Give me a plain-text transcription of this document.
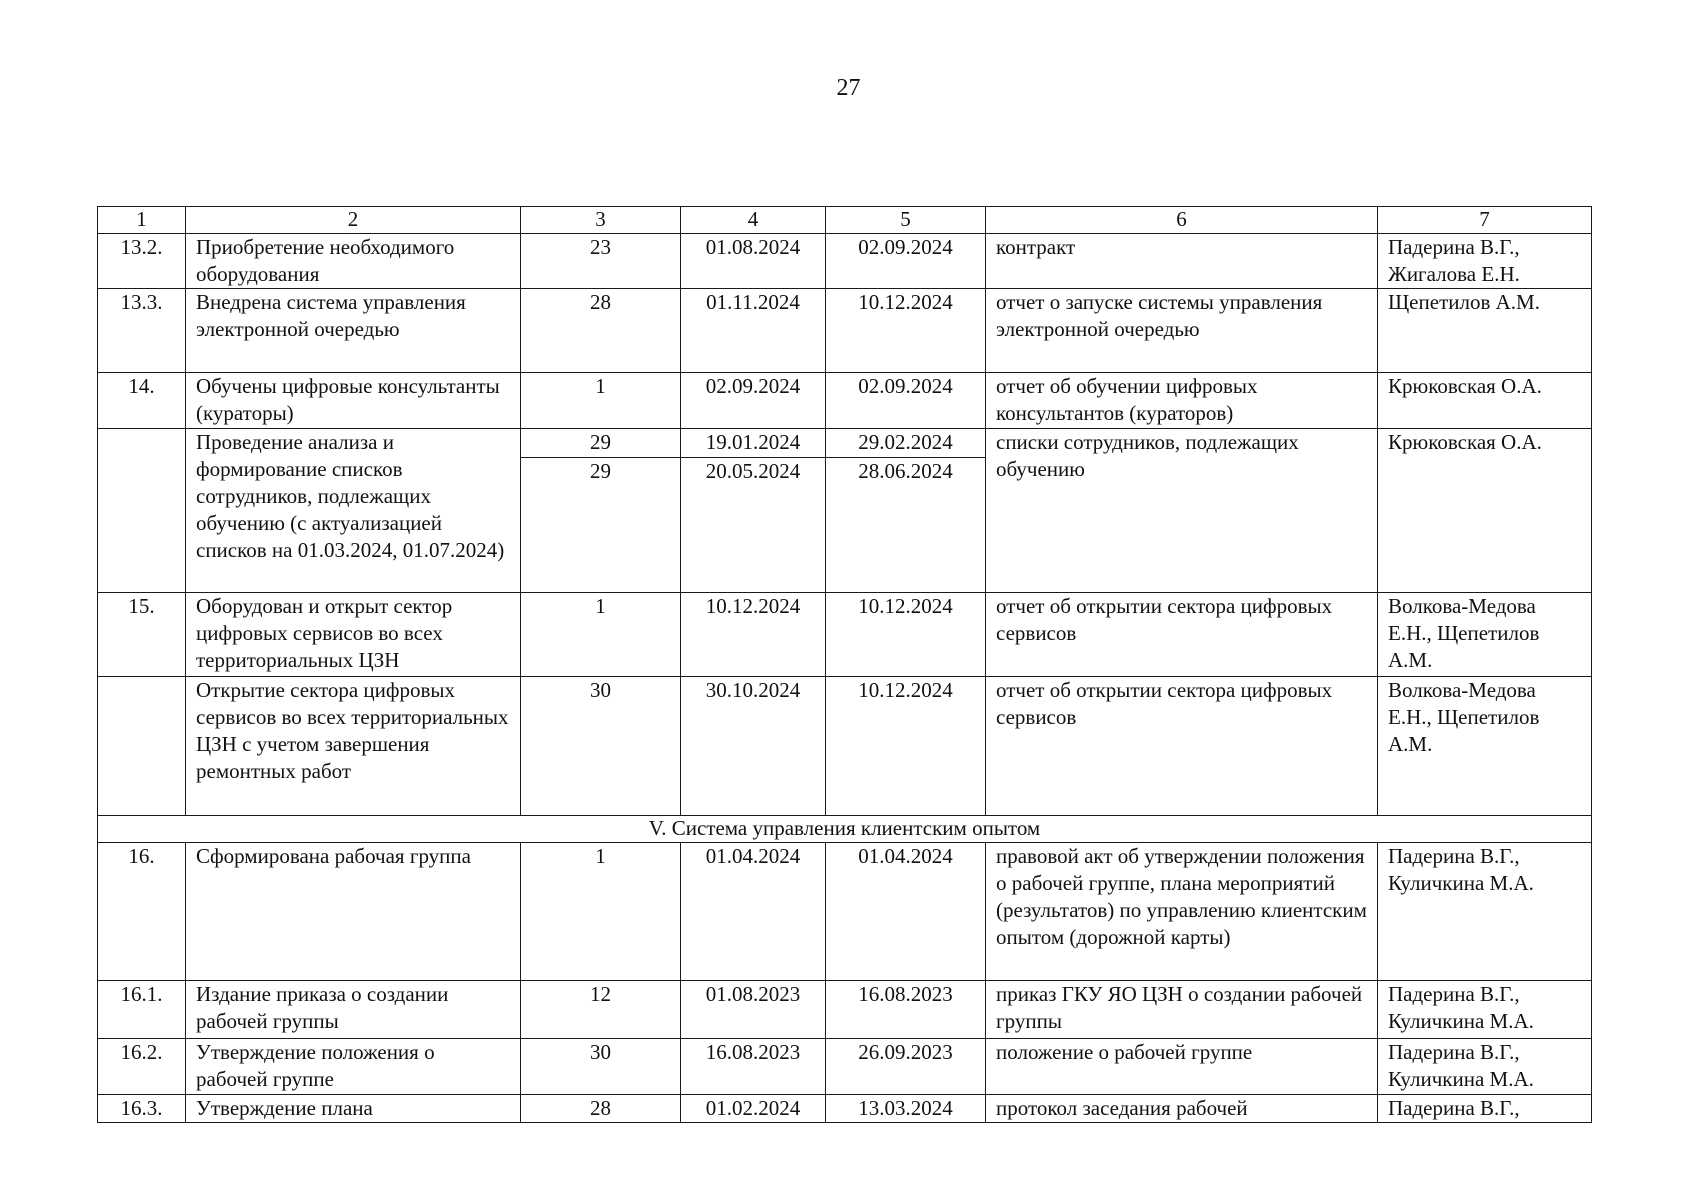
27
1	2	3	4	5	6	7
13.2.	Приобретение необходимого оборудования	23	01.08.2024	02.09.2024	контракт	Падерина В.Г., Жигалова Е.Н.
13.3.	Внедрена система управления электронной очередью	28	01.11.2024	10.12.2024	отчет о запуске системы управления электронной очередью	Щепетилов А.М.
14.	Обучены цифровые консультанты (кураторы)	1	02.09.2024	02.09.2024	отчет об обучении цифровых консультантов (кураторов)	Крюковская О.А.
	Проведение анализа и формирование списков сотрудников, подлежащих обучению (с актуализацией списков на 01.03.2024, 01.07.2024)	29	19.01.2024	29.02.2024	списки сотрудников, подлежащих обучению	Крюковская О.А.
		29	20.05.2024	28.06.2024		
15.	Оборудован и открыт сектор цифровых сервисов во всех территориальных ЦЗН	1	10.12.2024	10.12.2024	отчет об открытии сектора цифровых сервисов	Волкова-Медова Е.Н., Щепетилов А.М.
	Открытие сектора цифровых сервисов во всех территориальных ЦЗН с учетом завершения ремонтных работ	30	30.10.2024	10.12.2024	отчет об открытии сектора цифровых сервисов	Волкова-Медова Е.Н., Щепетилов А.М.
V. Система управления клиентским опытом						
16.	Сформирована рабочая группа	1	01.04.2024	01.04.2024	правовой акт об утверждении положения о рабочей группе, плана мероприятий (результатов) по управлению клиентским опытом (дорожной карты)	Падерина В.Г., Куличкина М.А.
16.1.	Издание приказа о создании рабочей группы	12	01.08.2023	16.08.2023	приказ ГКУ ЯО ЦЗН о создании рабочей группы	Падерина В.Г., Куличкина М.А.
16.2.	Утверждение положения о рабочей группе	30	16.08.2023	26.09.2023	положение о рабочей группе	Падерина В.Г., Куличкина М.А.
16.3.	Утверждение плана	28	01.02.2024	13.03.2024	протокол заседания рабочей	Падерина В.Г.,
